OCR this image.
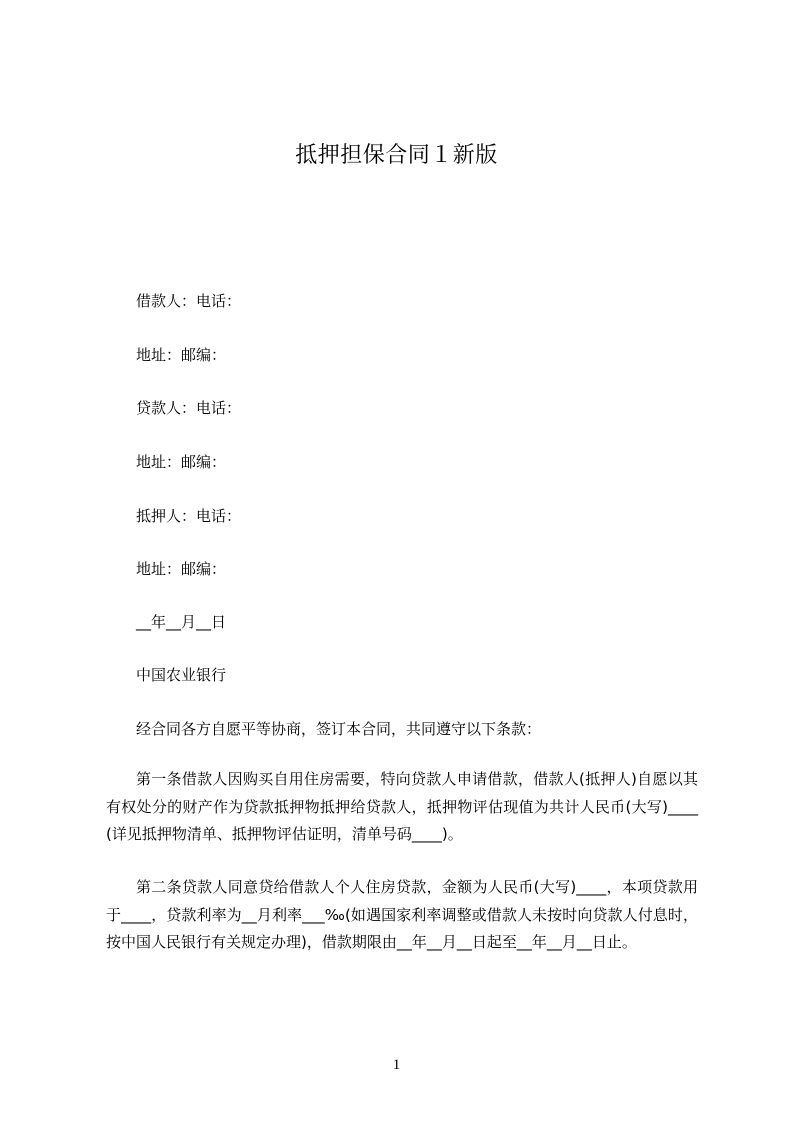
抵押担保合同１新版
借款人：电话：
地址：邮编：
贷款人：电话：
地址：邮编：
抵押人：电话：
地址：邮编：
__年__月__日
中国农业银行
经合同各方自愿平等协商，签订本合同，共同遵守以下条款：
第一条借款人因购买自用住房需要，特向贷款人申请借款，借款人(抵押人)自愿以其有权处分的财产作为贷款抵押物抵押给贷款人，抵押物评估现值为共计人民币(大写)____(详见抵押物清单、抵押物评估证明，清单号码____)。
第二条贷款人同意贷给借款人个人住房贷款，金额为人民币(大写)____，本项贷款用于____，贷款利率为__月利率___‰(如遇国家利率调整或借款人未按时向贷款人付息时，按中国人民银行有关规定办理)，借款期限由__年__月__日起至__年__月__日止。
1
